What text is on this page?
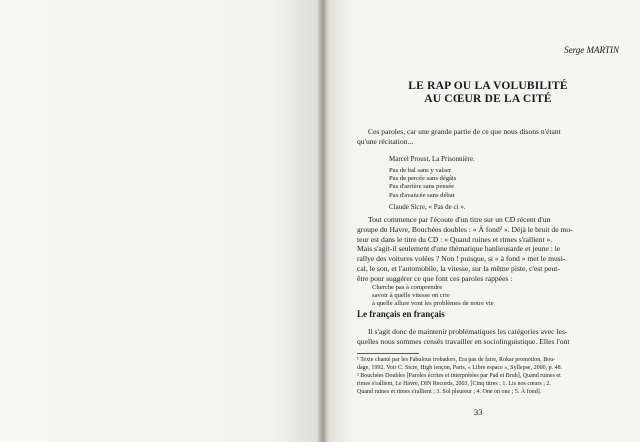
Serge MARTIN
LE RAP OU LA VOLUBILITÉ
AU CŒUR DE LA CITÉ
Ces paroles, car une grande partie de ce que nous disons n'étant
qu'une récitation...
Marcel Proust, La Prisonnière.
Pas de bal sans y valser
Pas de percée sans dégâts
Pas d'arrière sans pensée
Pas d'avancée sans débat
Claude Sicre, « Pas de ci ».
Tout commence par l'écoute d'un titre sur un CD récent d'un
groupe du Havre, Bouchées doubles : « À fond² ». Déjà le bruit de mo-
teur est dans le titre du CD : « Quand ruines et rimes s'rallient ».
Mais s'agit-il seulement d'une thématique banlieusarde et jeune : le
rallye des voitures volées ? Non ! puisque, si « à fond » met le musi-
cal, le son, et l'automobile, la vitesse, sur la même piste, c'est peut-
être pour suggérer ce que font ces paroles rappées :
Cherche pas à comprendre
savoir à quelle vitesse on crie
à quelle allure vont les problèmes de notre vie
Le français en français
Il s'agit donc de maintenir problématiques les catégories avec les-
quelles nous sommes censés travailler en sociolinguistique. Elles l'ont
¹ Texte chanté par les Fabulous trobadors, Era pas de faire, Rokar promotion, Bou-
dage, 1992. Voir C. Sicre, High tençon, Paris, « Libre espace », Syllepse, 2000, p. 48.
² Bouchées Doubles [Paroles écrites et interprétées par Pad et Bruh], Quand ruines et
rimes s'rallient, Le Havre, DIN Records, 2003, [Cinq titres : 1. Lis nos cœurs ; 2.
Quand ruines et rimes s'rallient ; 3. Sol pleureur ; 4. One on one ; 5. À fond].
33
